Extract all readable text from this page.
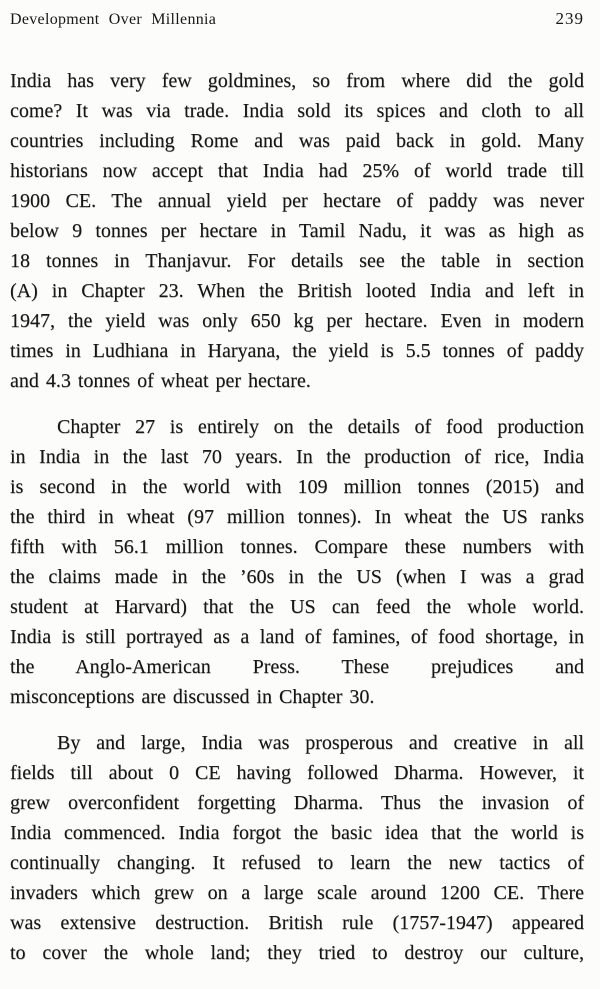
Development Over Millennia	239
India has very few goldmines, so from where did the gold
come? It was via trade. India sold its spices and cloth to all
countries including Rome and was paid back in gold. Many
historians now accept that India had 25% of world trade till
1900 CE. The annual yield per hectare of paddy was never
below 9 tonnes per hectare in Tamil Nadu, it was as high as
18 tonnes in Thanjavur. For details see the table in section
(A) in Chapter 23. When the British looted India and left in
1947, the yield was only 650 kg per hectare. Even in modern
times in Ludhiana in Haryana, the yield is 5.5 tonnes of paddy
and 4.3 tonnes of wheat per hectare.
Chapter 27 is entirely on the details of food production
in India in the last 70 years. In the production of rice, India
is second in the world with 109 million tonnes (2015) and
the third in wheat (97 million tonnes). In wheat the US ranks
fifth with 56.1 million tonnes. Compare these numbers with
the claims made in the ’60s in the US (when I was a grad
student at Harvard) that the US can feed the whole world.
India is still portrayed as a land of famines, of food shortage, in
the Anglo-American Press. These prejudices and
misconceptions are discussed in Chapter 30.
By and large, India was prosperous and creative in all
fields till about 0 CE having followed Dharma. However, it
grew overconfident forgetting Dharma. Thus the invasion of
India commenced. India forgot the basic idea that the world is
continually changing. It refused to learn the new tactics of
invaders which grew on a large scale around 1200 CE. There
was extensive destruction. British rule (1757-1947) appeared
to cover the whole land; they tried to destroy our culture,
